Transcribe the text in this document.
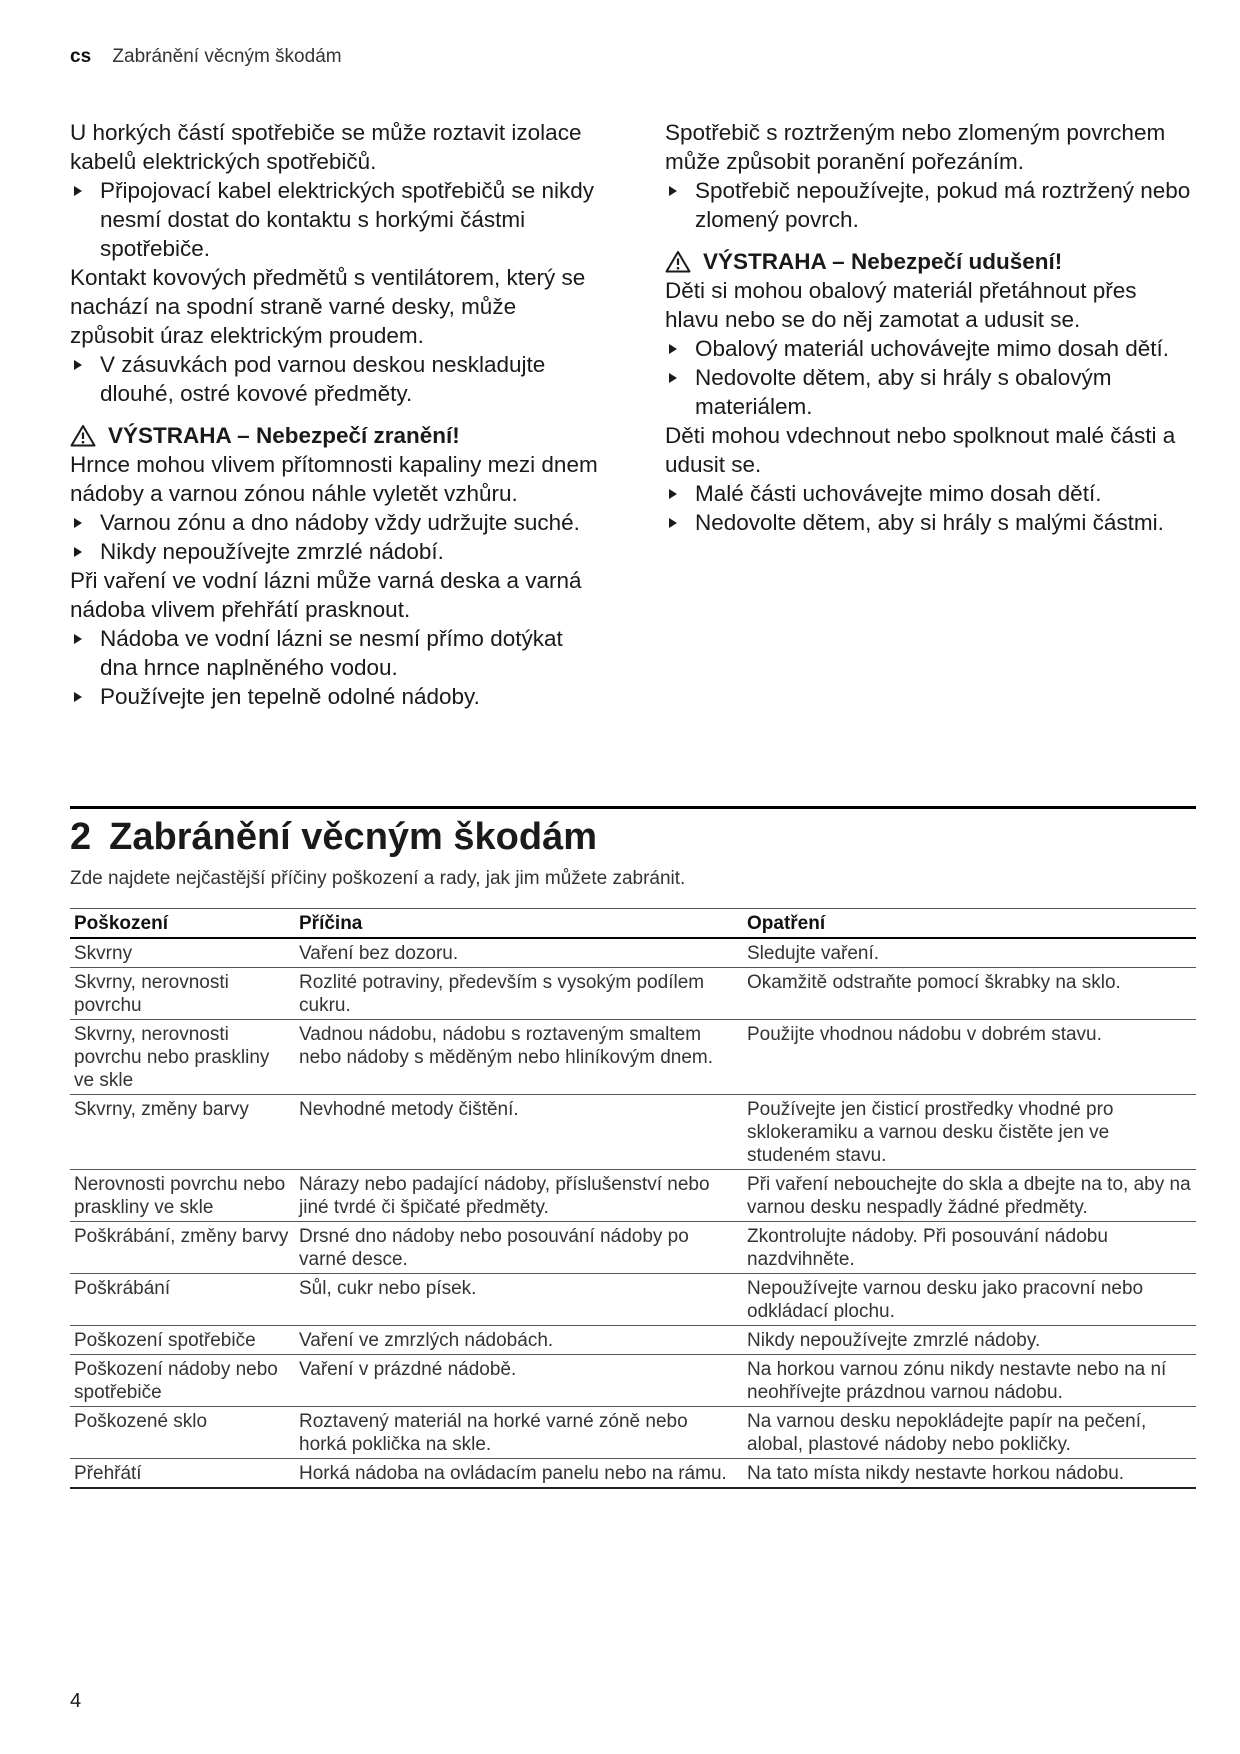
cs Zabránění věcným škodám

U horkých částí spotřebiče se může roztavit izolace kabelů elektrických spotřebičů.

Připojovací kabel elektrických spotřebičů se nikdy nesmí dostat do kontaktu s horkými částmi spotřebiče.

Kontakt kovových předmětů s ventilátorem, který se nachází na spodní straně varné desky, může způsobit úraz elektrickým proudem.

V zásuvkách pod varnou deskou neskladujte dlouhé, ostré kovové předměty.

VÝSTRAHA – Nebezpečí zranění!

Hrnce mohou vlivem přítomnosti kapaliny mezi dnem nádoby a varnou zónou náhle vyletět vzhůru.

Varnou zónu a dno nádoby vždy udržujte suché.

Nikdy nepoužívejte zmrzlé nádobí.

Při vaření ve vodní lázni může varná deska a varná nádoba vlivem přehřátí prasknout.

Nádoba ve vodní lázni se nesmí přímo dotýkat dna hrnce naplněného vodou.

Používejte jen tepelně odolné nádoby.

Spotřebič s roztrženým nebo zlomeným povrchem může způsobit poranění pořezáním.

Spotřebič nepoužívejte, pokud má roztržený nebo zlomený povrch.

VÝSTRAHA – Nebezpečí udušení!

Děti si mohou obalový materiál přetáhnout přes hlavu nebo se do něj zamotat a udusit se.

Obalový materiál uchovávejte mimo dosah dětí.

Nedovolte dětem, aby si hrály s obalovým materiálem.

Děti mohou vdechnout nebo spolknout malé části a udusit se.

Malé části uchovávejte mimo dosah dětí.

Nedovolte dětem, aby si hrály s malými částmi.

2 Zabránění věcným škodám

Zde najdete nejčastější příčiny poškození a rady, jak jim můžete zabránit.

Poškození	Příčina	Opatření
Skvrny	Vaření bez dozoru.	Sledujte vaření.
Skvrny, nerovnosti povrchu	Rozlité potraviny, především s vysokým podílem cukru.	Okamžitě odstraňte pomocí škrabky na sklo.
Skvrny, nerovnosti povrchu nebo praskliny ve skle	Vadnou nádobu, nádobu s roztaveným smaltem nebo nádoby s měděným nebo hliníkovým dnem.	Použijte vhodnou nádobu v dobrém stavu.
Skvrny, změny barvy	Nevhodné metody čištění.	Používejte jen čisticí prostředky vhodné pro sklokeramiku a varnou desku čistěte jen ve studeném stavu.
Nerovnosti povrchu nebo praskliny ve skle	Nárazy nebo padající nádoby, příslušenství nebo jiné tvrdé či špičaté předměty.	Při vaření nebouchejte do skla a dbejte na to, aby na varnou desku nespadly žádné předměty.
Poškrábání, změny barvy	Drsné dno nádoby nebo posouvání nádoby po varné desce.	Zkontrolujte nádoby. Při posouvání nádobu nazdvihněte.
Poškrábání	Sůl, cukr nebo písek.	Nepoužívejte varnou desku jako pracovní nebo odkládací plochu.
Poškození spotřebiče	Vaření ve zmrzlých nádobách.	Nikdy nepoužívejte zmrzlé nádoby.
Poškození nádoby nebo spotřebiče	Vaření v prázdné nádobě.	Na horkou varnou zónu nikdy nestavte nebo na ní neohřívejte prázdnou varnou nádobu.
Poškozené sklo	Roztavený materiál na horké varné zóně nebo horká poklička na skle.	Na varnou desku nepokládejte papír na pečení, alobal, plastové nádoby nebo pokličky.
Přehřátí	Horká nádoba na ovládacím panelu nebo na rámu.	Na tato místa nikdy nestavte horkou nádobu.
4
